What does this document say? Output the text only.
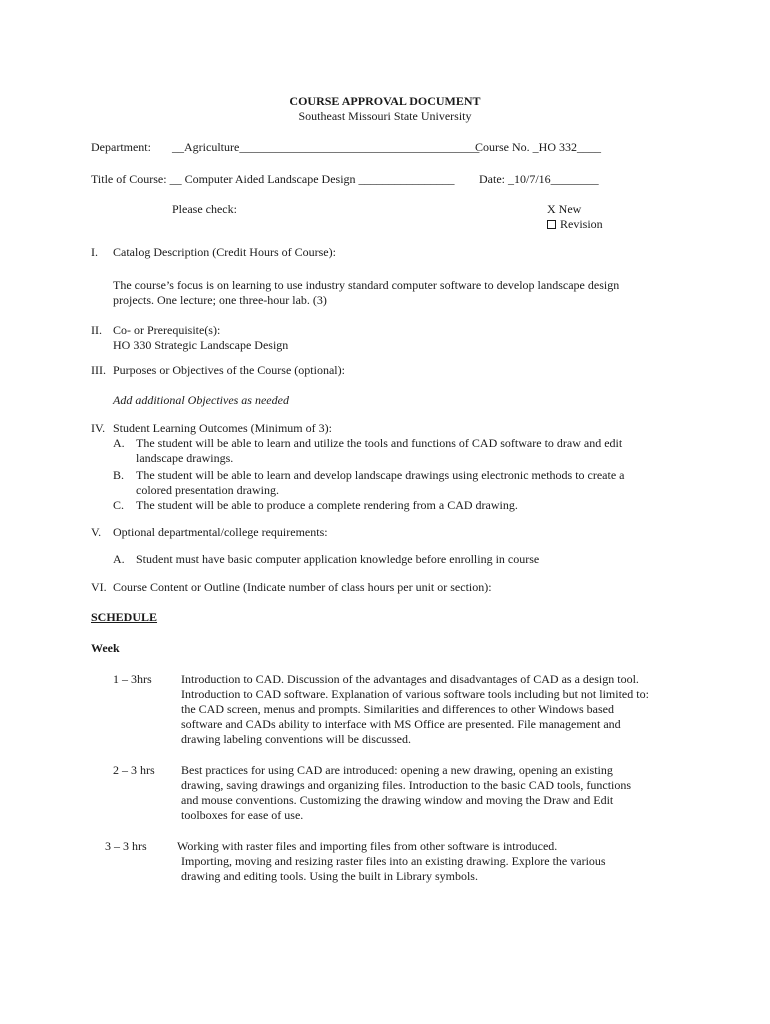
COURSE APPROVAL DOCUMENT
Southeast Missouri State University
Department: __Agriculture________________________________________
Course No. _HO 332____
Title of Course: __ Computer Aided Landscape Design ________________ Date: _10/7/16________
Please check:	X New
Revision
I. Catalog Description (Credit Hours of Course):
The course’s focus is on learning to use industry standard computer software to develop landscape design
projects. One lecture; one three-hour lab. (3)
II. Co- or Prerequisite(s):
HO 330 Strategic Landscape Design
III. Purposes or Objectives of the Course (optional):
Add additional Objectives as needed
IV. Student Learning Outcomes (Minimum of 3):
A. The student will be able to learn and utilize the tools and functions of CAD software to draw and edit
landscape drawings.
B. The student will be able to learn and develop landscape drawings using electronic methods to create a
colored presentation drawing.
C. The student will be able to produce a complete rendering from a CAD drawing.
V. Optional departmental/college requirements:
A. Student must have basic computer application knowledge before enrolling in course
VI. Course Content or Outline (Indicate number of class hours per unit or section):
SCHEDULE
Week
1 – 3hrs Introduction to CAD. Discussion of the advantages and disadvantages of CAD as a design tool.
Introduction to CAD software. Explanation of various software tools including but not limited to:
the CAD screen, menus and prompts. Similarities and differences to other Windows based
software and CADs ability to interface with MS Office are presented. File management and
drawing labeling conventions will be discussed.
2 – 3 hrs Best practices for using CAD are introduced: opening a new drawing, opening an existing
drawing, saving drawings and organizing files. Introduction to the basic CAD tools, functions
and mouse conventions. Customizing the drawing window and moving the Draw and Edit
toolboxes for ease of use.
3 – 3 hrs	Working with raster files and importing files from other software is introduced.
Importing, moving and resizing raster files into an existing drawing. Explore the various
drawing and editing tools. Using the built in Library symbols.
